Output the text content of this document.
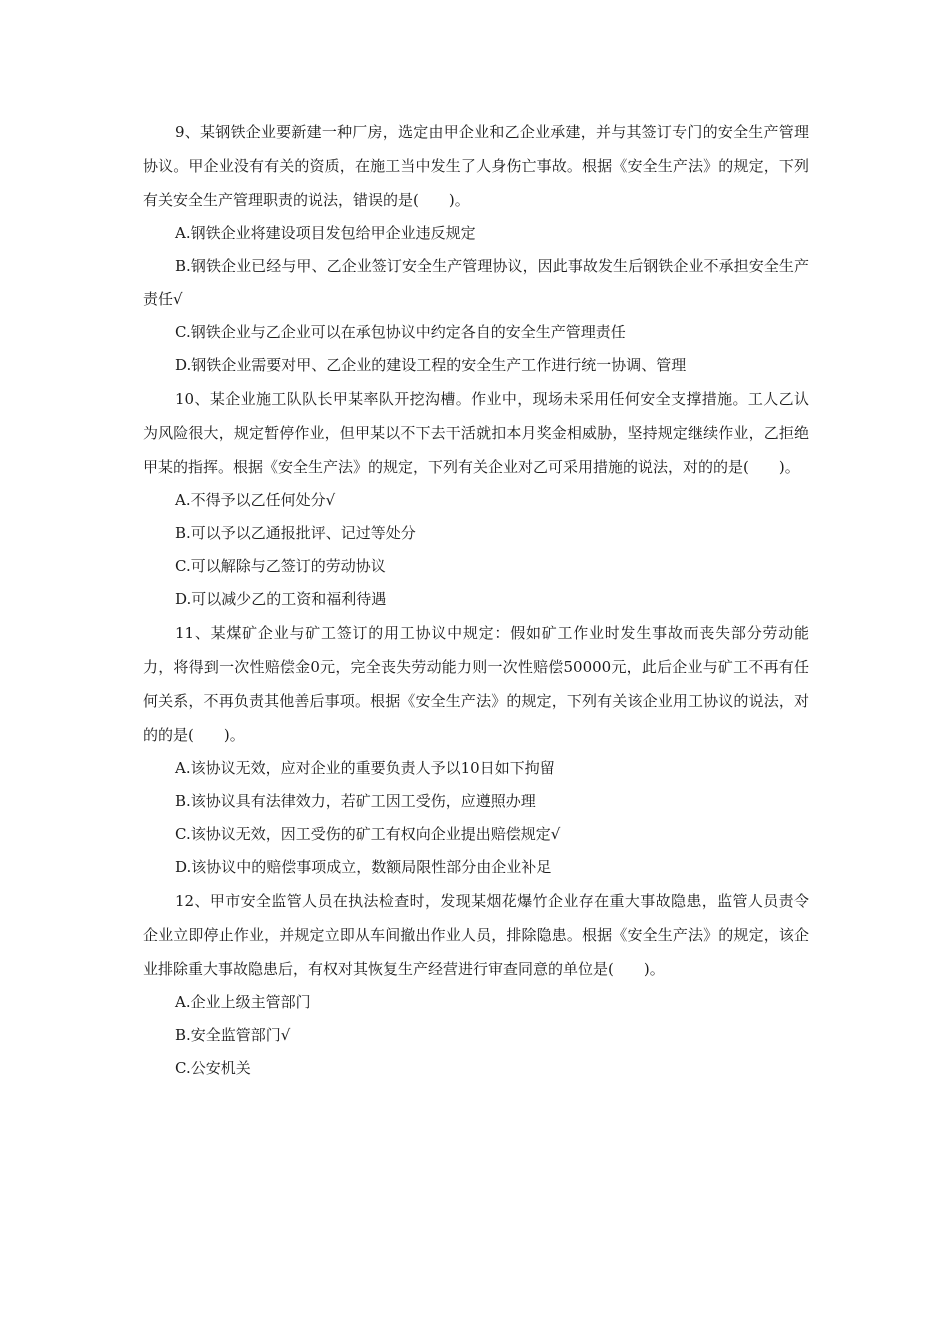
9、某钢铁企业要新建一种厂房，选定由甲企业和乙企业承建，并与其签订专门的安全生产管理协议。甲企业没有有关的资质，在施工当中发生了人身伤亡事故。根据《安全生产法》的规定，下列有关安全生产管理职责的说法，错误的是(　　)。

A.钢铁企业将建设项目发包给甲企业违反规定

B.钢铁企业已经与甲、乙企业签订安全生产管理协议，因此事故发生后钢铁企业不承担安全生产责任√

C.钢铁企业与乙企业可以在承包协议中约定各自的安全生产管理责任

D.钢铁企业需要对甲、乙企业的建设工程的安全生产工作进行统一协调、管理

10、某企业施工队队长甲某率队开挖沟槽。作业中，现场未采用任何安全支撑措施。工人乙认为风险很大，规定暂停作业，但甲某以不下去干活就扣本月奖金相威胁，坚持规定继续作业，乙拒绝甲某的指挥。根据《安全生产法》的规定，下列有关企业对乙可采用措施的说法，对的的是(　　)。

A.不得予以乙任何处分√

B.可以予以乙通报批评、记过等处分

C.可以解除与乙签订的劳动协议

D.可以减少乙的工资和福利待遇

11、某煤矿企业与矿工签订的用工协议中规定：假如矿工作业时发生事故而丧失部分劳动能力，将得到一次性赔偿金0元，完全丧失劳动能力则一次性赔偿50000元，此后企业与矿工不再有任何关系，不再负责其他善后事项。根据《安全生产法》的规定，下列有关该企业用工协议的说法，对的的是(　　)。

A.该协议无效，应对企业的重要负责人予以10日如下拘留

B.该协议具有法律效力，若矿工因工受伤，应遵照办理

C.该协议无效，因工受伤的矿工有权向企业提出赔偿规定√

D.该协议中的赔偿事项成立，数额局限性部分由企业补足

12、甲市安全监管人员在执法检查时，发现某烟花爆竹企业存在重大事故隐患，监管人员责令企业立即停止作业，并规定立即从车间撤出作业人员，排除隐患。根据《安全生产法》的规定，该企业排除重大事故隐患后，有权对其恢复生产经营进行审查同意的单位是(　　)。

A.企业上级主管部门

B.安全监管部门√

C.公安机关
